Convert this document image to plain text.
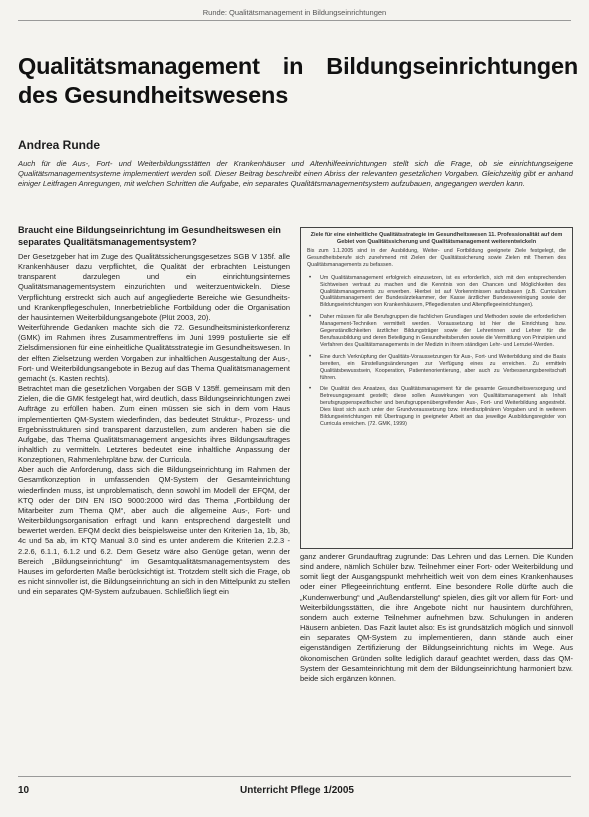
Runde: Qualitätsmanagement in Bildungseinrichtungen
Qualitätsmanagement in Bildungseinrichtungen des Gesundheitswesens
Andrea Runde
Auch für die Aus-, Fort- und Weiterbildungsstätten der Krankenhäuser und Altenhilfeeinrichtungen stellt sich die Frage, ob sie einrichtungseigene Qualitätsmanagementsysteme implementiert werden soll. Dieser Beitrag beschreibt einen Abriss der relevanten gesetzlichen Vorgaben. Gleichzeitig gibt er anhand einiger Leitfragen Anregungen, mit welchen Schritten die Aufgabe, ein separates Qualitätsmanagementsystem aufzubauen, angegangen werden kann.
Braucht eine Bildungseinrichtung im Gesundheitswesen ein separates Qualitätsmanagementsystem?

Der Gesetzgeber hat im Zuge des Qualitätssicherungsgesetzes SGB V 135f. alle Krankenhäuser dazu verpflichtet, die Qualität der erbrachten Leistungen transparent darzulegen und ein einrichtungsinternes Qualitätsmanagementsystem einzurichten und weiterzuentwickeln. Diese Verpflichtung erstreckt sich auch auf angegliederte Bereiche wie Gesundheits- und Krankenpflegeschulen, Innerbetriebliche Fortbildung oder die Organisation der hausinternen Weiterbildungsangebote (Plüt 2003, 20).

Weiterführende Gedanken machte sich die 72. Gesundheitsministerkonferenz (GMK) im Rahmen ihres Zusammentreffens im Juni 1999 postulierte sie elf Zielsdimensionen für eine einheitliche Qualitätsstrategie im Gesundheitswesen. In der elften Zielsetzung werden Vorgaben zur inhaltlichen Ausgestaltung der Aus-, Fort- und Weiterbildungsangebote in Bezug auf das Thema Qualitätsmanagement gemacht (s. Kasten rechts).

Betrachtet man die gesetzlichen Vorgaben der SGB V 135ff. gemeinsam mit den Zielen, die die GMK festgelegt hat, wird deutlich, dass Bildungseinrichtungen zwei Aufträge zu erfüllen haben. Zum einen müssen sie sich in dem vom Haus implementierten QM-System wiederfinden, das bedeutet Struktur-, Prozess- und Ergebnisstrukturen sind transparent darzustellen, zum anderen haben sie die Aufgabe, das Thema Qualitätsmanagement angesichts ihres Bildungsauftrages inhaltlich zu vermitteln. Letzteres bedeutet eine inhaltliche Anpassung der Konzeptionen, Rahmenlehrpläne bzw. der Curricula.

Aber auch die Anforderung, dass sich die Bildungseinrichtung im Rahmen der Gesamtkonzeption in umfassenden QM-System der Gesamteinrichtung wiederfinden muss, ist unproblematisch, denn sowohl im Modell der EFQM, der KTQ oder der DIN EN ISO 9000:2000 wird das Thema „Fortbildung der Mitarbeiter zum Thema QM“, aber auch die allgemeine Aus-, Fort- und Weiterbildungsorganisation erfragt und kann entsprechend dargestellt und bewertet werden. EFQM deckt dies beispielsweise unter den Kriterien 1a, 1b, 3b, 4c und 5a ab, im KTQ Manual 3.0 sind es unter anderem die Kriterien 2.2.3 - 2.2.6, 6.1.1, 6.1.2 und 6.2. Dem Gesetz wäre also Genüge getan, wenn der Bereich „Bildungseinrichtung“ im Gesamtqualitätsmanagementsystem des Hauses im geforderten Maße berücksichtigt ist. Trotzdem stellt sich die Frage, ob es nicht sinnvoller ist, die Bildungseinrichtung an sich in den Mittelpunkt zu stellen und ein separates QM-System aufzubauen. Schließlich liegt ein

Ziele für eine einheitliche Qualitätsstrategie im Gesundheitswesen 11. Professionalität auf dem Gebiet von Qualitätssicherung und Qualitätsmanagement weiterentwickeln
Bis zum 1.1.2005 sind in der Ausbildung, Weiter- und Fortbildung geeignete Ziele festgelegt, die Gesundheitsberufe sich zunehmend mit Zielen der Qualitätssicherung sowie Zielen mit Themen des Qualitätsmanagements zu befassen.
• Um Qualitätsmanagement erfolgreich einzusetzen, ist es erforderlich, sich mit den entsprechenden Sichtweisen vertraut zu machen und die Kenntnis von den Chancen und Möglichkeiten des Qualitätsmanagements zu erwerben. Hierbei ist auf Vorkenntnissen aufzubauen (z.B. Curriculum Qualitätsmanagement der Bundesärztekammer, der Kasse ärztlicher Bundesvereinigung sowie der Bildungseinrichtungen von Krankenhäusern, Pflegediensten und Altenpflegeeinrichtungen).
• Daher müssen für alle Berufsgruppen die fachlichen Grundlagen und Methoden sowie die erforderlichen Management-Techniken vermittelt werden. Voraussetzung ist hier die Einrichtung bzw. Gegenständlichkeiten ärztlicher Bildungsträger sowie der Lehrerinnen und Lehrer für die Berufsausbildung und deren Beteiligung in Gesundheitsberufen sowie die Vermittlung von Prinzipien und Verfahren des Qualitätsmanagements in der Medizin in ihrem ständigen Lehr- und Lernziel-Werden.
• Eine durch Verknüpfung der Qualitäts-Voraussetzungen für Aus-, Fort- und Weiterbildung sind die Basis bereiten, ein Einstellungsänderungen zur Verfügung eines zu erreichen. Zu ermitteln Qualitätsbewusstsein, Kooperation, Patientenorientierung, aber auch zu Verbesserungsbereitschaft führen.
• Die Qualität des Ansatzes, das Qualitätsmanagement für die gesamte Gesundheitsversorgung und Betreuungsgesamt gestellt; diese sollen Auswirkungen von Qualitätsmanagement als Inhalt berufsgruppenspezifischer und berufsgruppenübergreifender Aus-, Fort- und Weiterbildung angestrebt. Dies lässt sich auch unter der Grundvoraussetzung bzw. interdisziplinären Vorgaben und in weiteren Bildungseinrichtungen mit Übertragung in geeigneter Arbeit an das jeweilige Ausbildungsregister von Curricula erreichen. (72. GMK, 1999)
ganz anderer Grundauftrag zugrunde: Das Lehren und das Lernen. Die Kunden sind andere, nämlich Schüler bzw. Teilnehmer einer Fort- oder Weiterbildung und somit liegt der Ausgangspunkt mehrheitlich weit von dem eines Krankenhauses oder einer Pflegeeinrichtung entfernt. Eine besondere Rolle dürfte auch die „Kundenwerbung“ und „Außendarstellung“ spielen, dies gilt vor allem für Fort- und Weiterbildungsstätten, die ihre Angebote nicht nur hausintern durchführen, sondern auch externe Teilnehmer aufnehmen bzw. Schulungen in anderen Häusern anbieten. Das Fazit lautet also: Es ist grundsätzlich möglich und sinnvoll ein separates QM-System zu implementieren, dann stände auch einer eigenständigen Zertifizierung der Bildungseinrichtung nichts im Wege. Aus ökonomischen Gründen sollte lediglich darauf geachtet werden, dass das QM-System der Gesamteinrichtung mit dem der Bildungseinrichtung harmoniert bzw. beide sich ergänzen können.
10	Unterricht Pflege 1/2005
